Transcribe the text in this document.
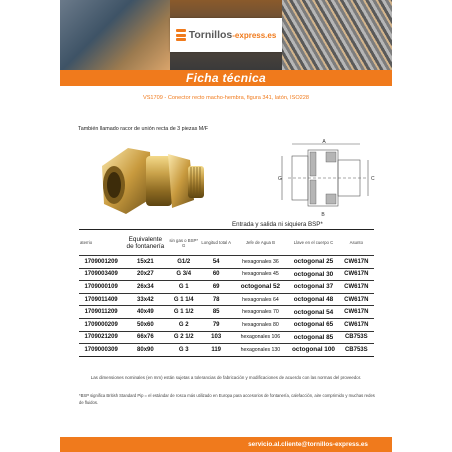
Tornillos-express.es
Ficha técnica
VS1709 - Conector recto macho-hembra, figura 341, latón, ISO228
También llamado racor de unión recta de 3 piezas M/F
A
G
B
C
Entrada y salida ni siquiera BSP*
aterrio	Equivalente de fontanería	sin gas o BSP* G	Longitud total A	Jefe de Agua B	Llave en el cuerpo C	Asunto
1709001209	15x21	G1/2	54	hexagonales 36	octogonal 25	CW617N
1709003409	20x27	G 3/4	60	hexagonales 45	octogonal 30	CW617N
1709000109	26x34	G 1	69	octogonal 52	octogonal 37	CW617N
1709011409	33x42	G 1 1/4	78	hexagonales 64	octogonal 48	CW617N
1709011209	40x49	G 1 1/2	85	hexagonales 70	octogonal 54	CW617N
1709000209	50x60	G 2	79	hexagonales 80	octogonal 65	CW617N
1709021209	66x76	G 2 1/2	103	hexagonales 106	octogonal 85	CB753S
1709000309	80x90	G 3	119	hexagonales 130	octogonal 100	CB753S
Las dimensiones nominales (en mm) están sujetas a tolerancias de fabricación y modificaciones de acuerdo con las normas del proveedor.
*BSP significa British Standard Pip = el estándar de rosca más utilizado en Europa para accesorios de fontanería, calefacción, aire comprimido y muchas redes de fluidos.
servicio.al.cliente@tornillos-express.es
